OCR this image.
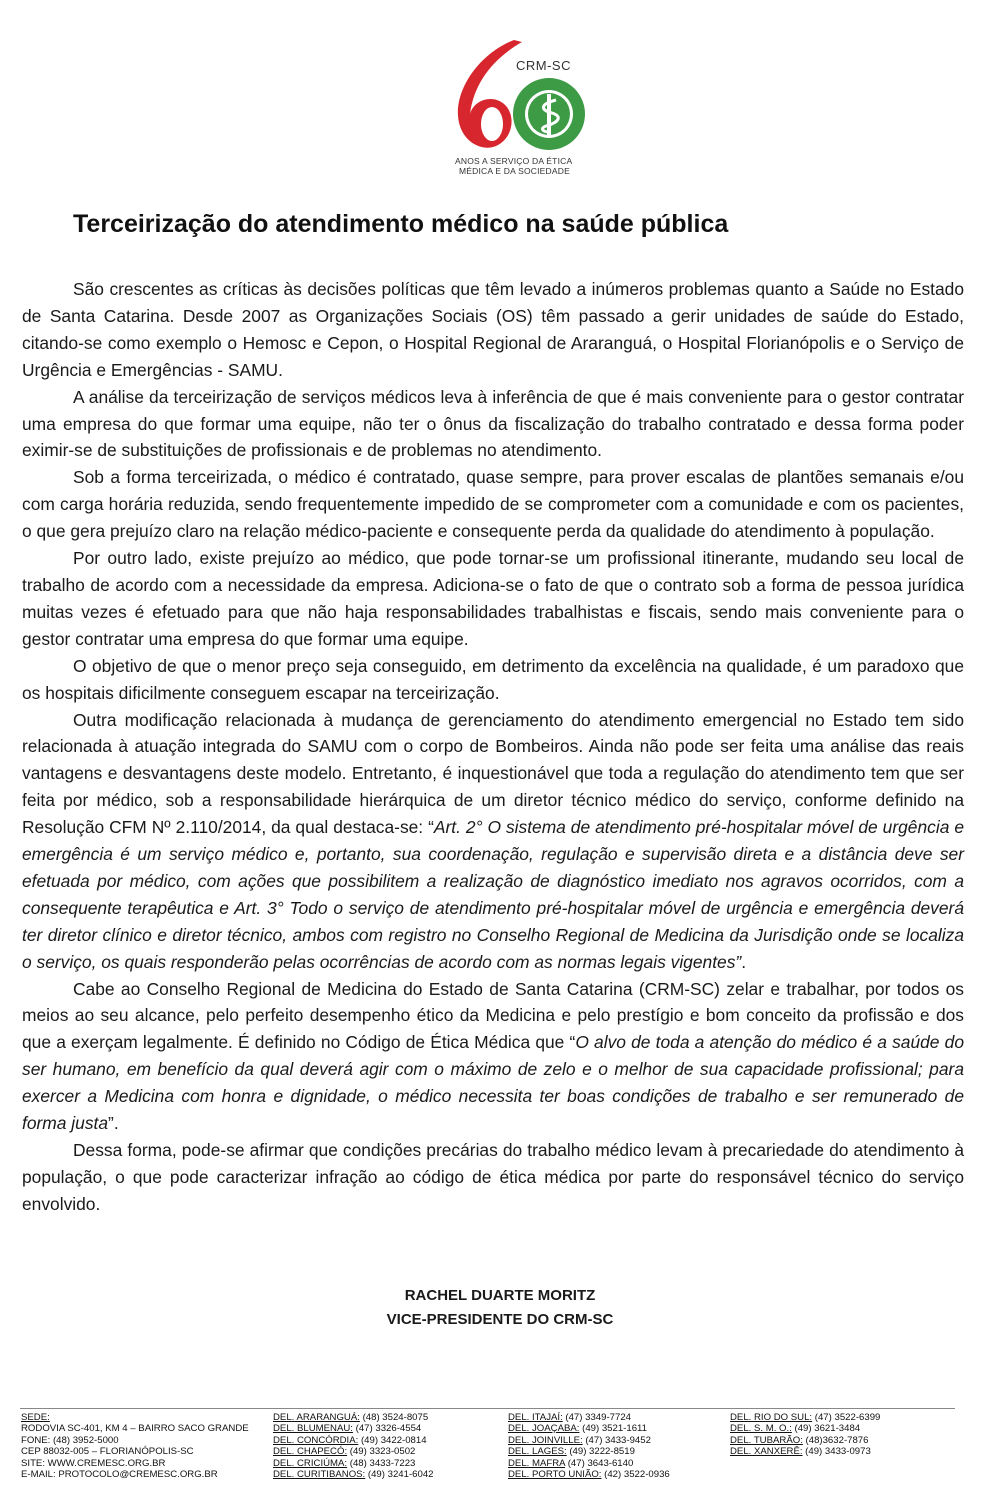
CRM-SC
ANOS A SERVIÇO DA ÉTICA
MÉDICA E DA SOCIEDADE
Terceirização do atendimento médico na saúde pública

São crescentes as críticas às decisões políticas que têm levado a inúmeros problemas quanto a Saúde no Estado de Santa Catarina. Desde 2007 as Organizações Sociais (OS) têm passado a gerir unidades de saúde do Estado, citando-se como exemplo o Hemosc e Cepon, o Hospital Regional de Araranguá, o Hospital Florianópolis e o Serviço de Urgência e Emergências - SAMU.

A análise da terceirização de serviços médicos leva à inferência de que é mais conveniente para o gestor contratar uma empresa do que formar uma equipe, não ter o ônus da fiscalização do trabalho contratado e dessa forma poder eximir-se de substituições de profissionais e de problemas no atendimento.

Sob a forma terceirizada, o médico é contratado, quase sempre, para prover escalas de plantões semanais e/ou com carga horária reduzida, sendo frequentemente impedido de se comprometer com a comunidade e com os pacientes, o que gera prejuízo claro na relação médico-paciente e consequente perda da qualidade do atendimento à população.

Por outro lado, existe prejuízo ao médico, que pode tornar-se um profissional itinerante, mudando seu local de trabalho de acordo com a necessidade da empresa. Adiciona-se o fato de que o contrato sob a forma de pessoa jurídica muitas vezes é efetuado para que não haja responsabilidades trabalhistas e fiscais, sendo mais conveniente para o gestor contratar uma empresa do que formar uma equipe.

O objetivo de que o menor preço seja conseguido, em detrimento da excelência na qualidade, é um paradoxo que os hospitais dificilmente conseguem escapar na terceirização.

Outra modificação relacionada à mudança de gerenciamento do atendimento emergencial no Estado tem sido relacionada à atuação integrada do SAMU com o corpo de Bombeiros. Ainda não pode ser feita uma análise das reais vantagens e desvantagens deste modelo. Entretanto, é inquestionável que toda a regulação do atendimento tem que ser feita por médico, sob a responsabilidade hierárquica de um diretor técnico médico do serviço, conforme definido na Resolução CFM Nº 2.110/2014, da qual destaca-se: “Art. 2° O sistema de atendimento pré-hospitalar móvel de urgência e emergência é um serviço médico e, portanto, sua coordenação, regulação e supervisão direta e a distância deve ser efetuada por médico, com ações que possibilitem a realização de diagnóstico imediato nos agravos ocorridos, com a consequente terapêutica e Art. 3° Todo o serviço de atendimento pré-hospitalar móvel de urgência e emergência deverá ter diretor clínico e diretor técnico, ambos com registro no Conselho Regional de Medicina da Jurisdição onde se localiza o serviço, os quais responderão pelas ocorrências de acordo com as normas legais vigentes”.

Cabe ao Conselho Regional de Medicina do Estado de Santa Catarina (CRM-SC) zelar e trabalhar, por todos os meios ao seu alcance, pelo perfeito desempenho ético da Medicina e pelo prestígio e bom conceito da profissão e dos que a exerçam legalmente. É definido no Código de Ética Médica que “O alvo de toda a atenção do médico é a saúde do ser humano, em benefício da qual deverá agir com o máximo de zelo e o melhor de sua capacidade profissional; para exercer a Medicina com honra e dignidade, o médico necessita ter boas condições de trabalho e ser remunerado de forma justa”.

Dessa forma, pode-se afirmar que condições precárias do trabalho médico levam à precariedade do atendimento à população, o que pode caracterizar infração ao código de ética médica por parte do responsável técnico do serviço envolvido.

RACHEL DUARTE MORITZ
VICE-PRESIDENTE DO CRM-SC
SEDE:
RODOVIA SC-401, KM 4 – BAIRRO SACO GRANDE
FONE: (48) 3952-5000
CEP 88032-005 – FLORIANÓPOLIS-SC
SITE: WWW.CREMESC.ORG.BR
E-MAIL: PROTOCOLO@CREMESC.ORG.BR
DEL. ARARANGUÁ: (48) 3524-8075
DEL. BLUMENAU: (47) 3326-4554
DEL. CONCÓRDIA: (49) 3422-0814
DEL. CHAPECÓ: (49) 3323-0502
DEL. CRICIÚMA: (48) 3433-7223
DEL. CURITIBANOS: (49) 3241-6042
DEL. ITAJAÍ: (47) 3349-7724
DEL. JOAÇABA: (49) 3521-1611
DEL. JOINVILLE: (47) 3433-9452
DEL. LAGES: (49) 3222-8519
DEL. MAFRA (47) 3643-6140
DEL. PORTO UNIÃO: (42) 3522-0936
DEL. RIO DO SUL: (47) 3522-6399
DEL. S. M. O.: (49) 3621-3484
DEL. TUBARÃO: (48)3632-7876
DEL. XANXERÊ: (49) 3433-0973
